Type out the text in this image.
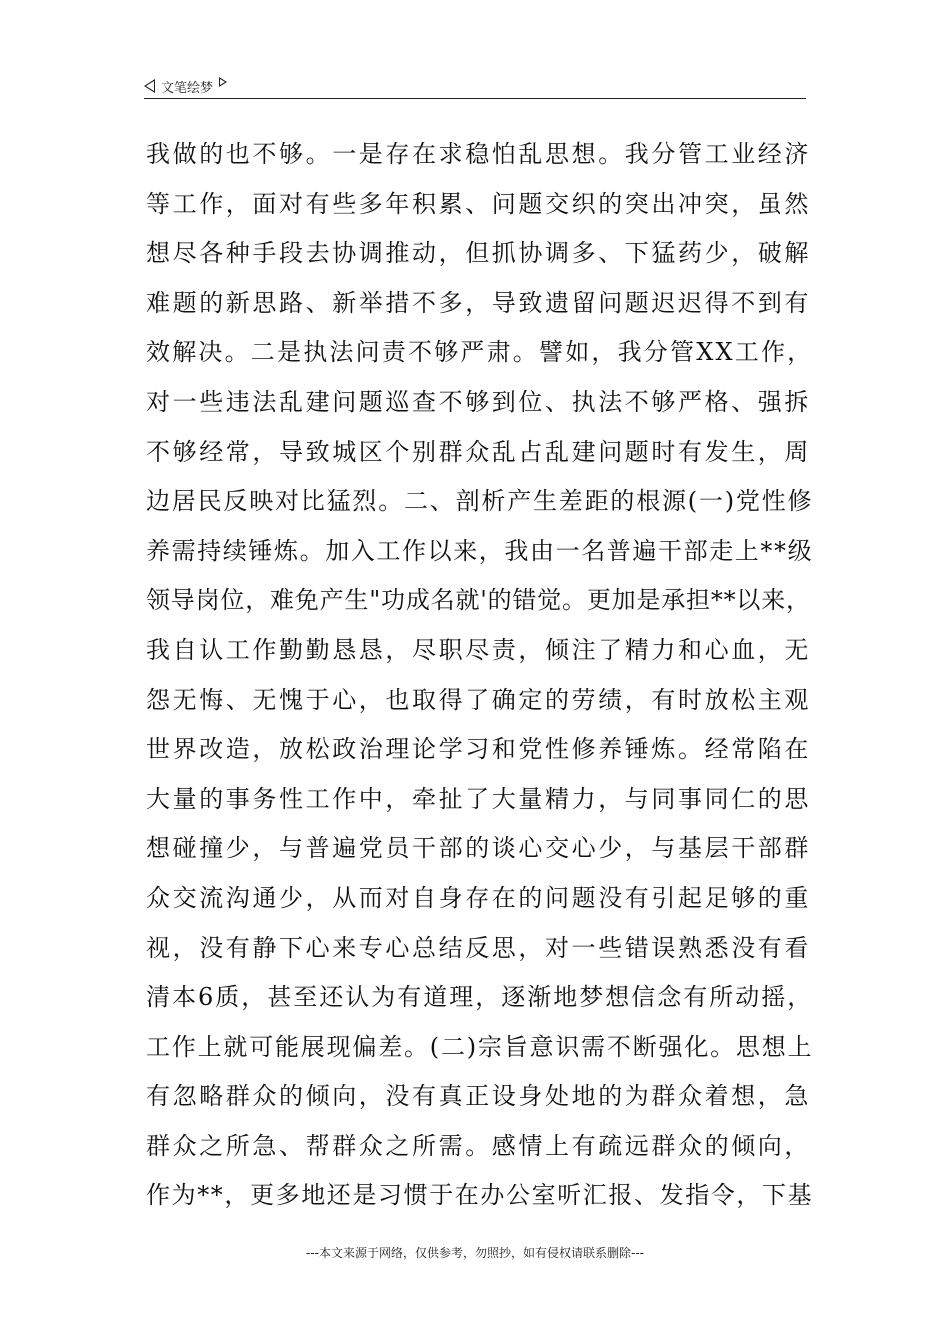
文笔绘梦
我做的也不够。一是存在求稳怕乱思想。我分管工业经济
等工作，面对有些多年积累、问题交织的突出冲突，虽然
想尽各种手段去协调推动，但抓协调多、下猛药少，破解
难题的新思路、新举措不多，导致遗留问题迟迟得不到有
效解决。二是执法问责不够严肃。譬如，我分管XX工作，
对一些违法乱建问题巡查不够到位、执法不够严格、强拆
不够经常，导致城区个别群众乱占乱建问题时有发生，周
边居民反映对比猛烈。二、剖析产生差距的根源(一)党性修
养需持续锤炼。加入工作以来，我由一名普遍干部走上**级
领导岗位，难免产生"功成名就'的错觉。更加是承担**以来，
我自认工作勤勤恳恳，尽职尽责，倾注了精力和心血，无
怨无悔、无愧于心，也取得了确定的劳绩，有时放松主观
世界改造，放松政治理论学习和党性修养锤炼。经常陷在
大量的事务性工作中，牵扯了大量精力，与同事同仁的思
想碰撞少，与普遍党员干部的谈心交心少，与基层干部群
众交流沟通少，从而对自身存在的问题没有引起足够的重
视，没有静下心来专心总结反思，对一些错误熟悉没有看
清本6质，甚至还认为有道理，逐渐地梦想信念有所动摇，
工作上就可能展现偏差。(二)宗旨意识需不断强化。思想上
有忽略群众的倾向，没有真正设身处地的为群众着想，急
群众之所急、帮群众之所需。感情上有疏远群众的倾向，
作为**，更多地还是习惯于在办公室听汇报、发指令，下基
---本文来源于网络，仅供参考，勿照抄，如有侵权请联系删除---
